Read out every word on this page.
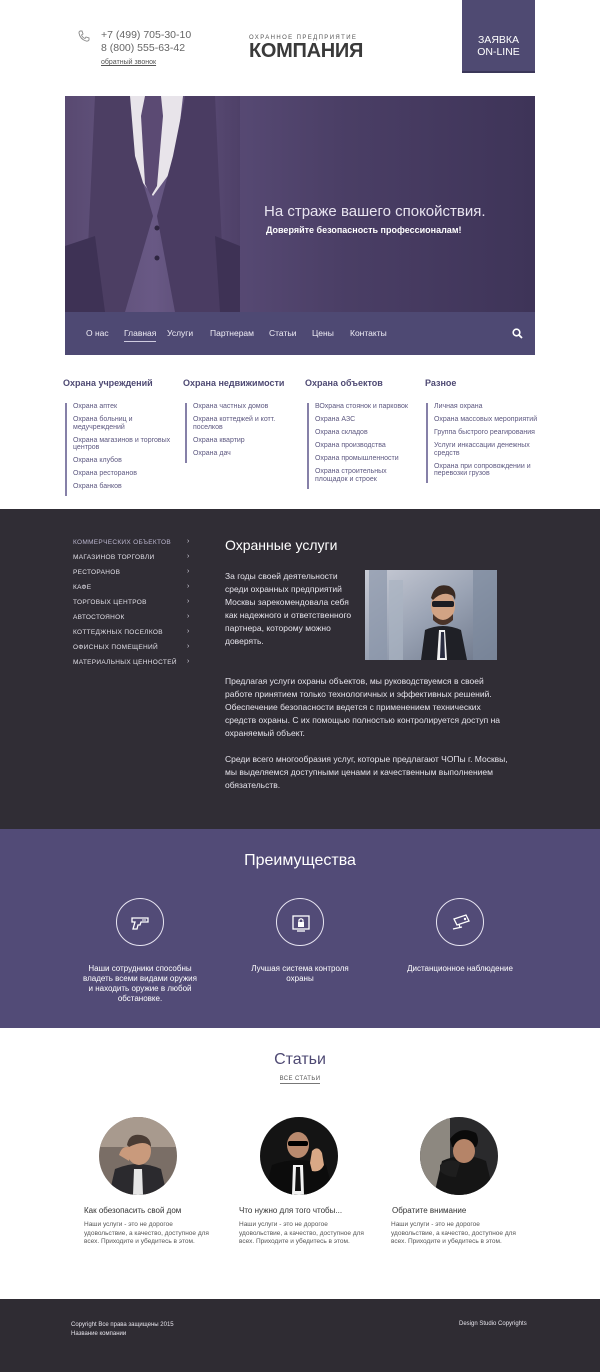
+7 (499) 705-30-10
8 (800) 555-63-42
обратный звонок
ОХРАННОЕ ПРЕДПРИЯТИЕ
КОМПАНИЯ	ЗАЯВКА
ON-LINE
На страже вашего спокойствия.
Доверяйте безопасность профессионалам!
О нас Главная Услуги Партнерам Статьи Цены Контакты
Охрана учреждений
Охрана аптек
Охрана больниц и медучреждений
Охрана магазинов и торговых центров
Охрана клубов
Охрана ресторанов
Охрана банков
Охрана недвижимости
Охрана частных домов
Охрана коттеджей и котт. поселков
Охрана квартир
Охрана дач
Охрана объектов
ВОхрана стоянок и парковок
Охрана АЗС
Охрана складов
Охрана производства
Охрана промышленности
Охрана строительных площадок и строек
Разное
Личная охрана
Охрана массовых мероприятий
Группа быстрого реагирования
Услуги инкассации денежных средств
Охрана при сопровождении и перевозки грузов
КОММЕРЧЕСКИХ ОБЪЕКТОВ
МАГАЗИНОВ ТОРГОВЛИ
РЕСТОРАНОВ
КАФЕ
ТОРГОВЫХ ЦЕНТРОВ
АВТОСТОЯНОК
КОТТЕДЖНЫХ ПОСЕЛКОВ
ОФИСНЫХ ПОМЕЩЕНИЙ
МАТЕРИАЛЬНЫХ ЦЕННОСТЕЙ
›
›
›
›
›
›
›
›
›
Охранные услуги
За годы своей деятельности среди охранных предприятий Москвы зарекомендовала себя как надежного и ответственного партнера, которому можно доверять.
Предлагая услуги охраны объектов, мы руководствуемся в своей работе принятием только технологичных и эффективных решений. Обеспечение безопасности ведется с применением технических средств охраны. С их помощью полностью контролируется доступ на охраняемый объект.
Среди всего многообразия услуг, которые предлагают ЧОПы г. Москвы, мы выделяемся доступными ценами и качественным выполнением обязательств.
Преимущества
Наши сотрудники способны владеть всеми видами оружия и находить оружие в любой обстановке.
Лучшая система контроля охраны
Дистанционное наблюдение
Статьи
ВСЕ СТАТЬИ
Как обезопасить свой дом	Что нужно для того чтобы...	Обратите внимание
Наши услуги - это не дорогое удовольствие, а качество, доступное для всех. Приходите и убедитесь в этом.
Наши услуги - это не дорогое удовольствие, а качество, доступное для всех. Приходите и убедитесь в этом.
Наши услуги - это не дорогое удовольствие, а качество, доступное для всех. Приходите и убедитесь в этом.
Copyright Все права защищены 2015
Название компании
Design Studio Copyrights
